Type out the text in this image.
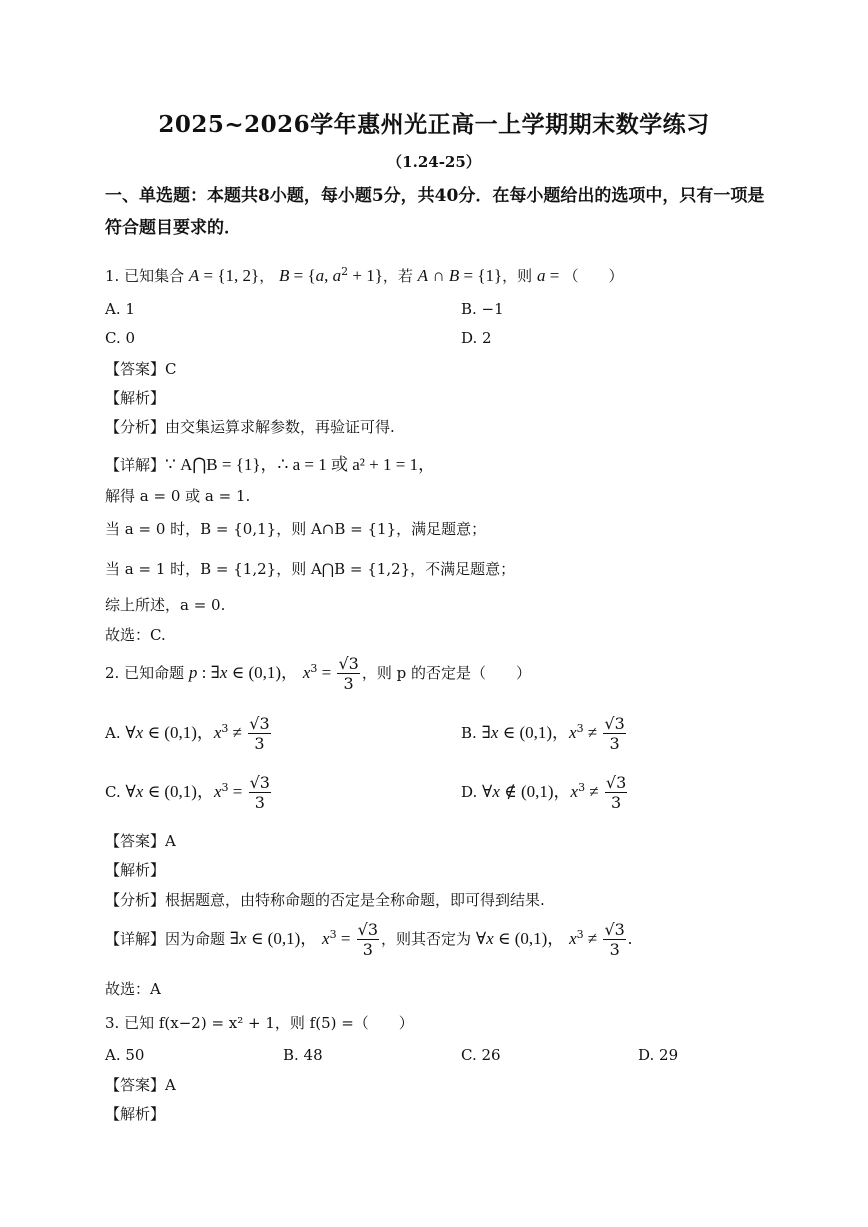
2025~2026学年惠州光正高一上学期期末数学练习
（1.24-25）
一、单选题：本题共8小题，每小题5分，共40分．在每小题给出的选项中，只有一项是符合题目要求的．
1. 已知集合 A = {1, 2}， B = {a, $a^2 + 1$}，若 A ∩ B = {1}，则 a = （　　）
A. 1	B. −1
C. 0	D. 2
【答案】C
【解析】
【分析】由交集运算求解参数，再验证可得.
【详解】∵ A⋂B = {1}，∴ a = 1 或 a² + 1 = 1，
解得 a = 0 或 a = 1.
当 a = 0 时，B = {0,1}，则 A∩B = {1}，满足题意；
当 a = 1 时，B = {1,2}，则 A⋂B = {1,2}，不满足题意；
综上所述，a = 0.
故选：C.
2. 已知命题 p : ∃x ∈ (0,1)， $x^3 = \frac{√3}{3}$ ，则 p 的否定是（　　）
A. ∀x ∈ (0,1)，$x^3 \ne \frac{√3}{3}$	B. ∃x ∈ (0,1)，$x^3 \ne \frac{√3}{3}$
C. ∀x ∈ (0,1)，$x^3 = \frac{√3}{3}$	D. ∀x ∉ (0,1)，$x^3 \ne \frac{√3}{3}$
【答案】A
【解析】
【分析】根据题意，由特称命题的否定是全称命题，即可得到结果.
【详解】因为命题 ∃x ∈ (0,1)， $x^3 = \frac{√3}{3}$ ，则其否定为 ∀x ∈ (0,1)， $x^3 \ne \frac{√3}{3}$ .
故选：A
3. 已知 f(x−2) = x² + 1，则 f(5) =（　　）
A. 50	B. 48	C. 26	D. 29
【答案】A
【解析】
